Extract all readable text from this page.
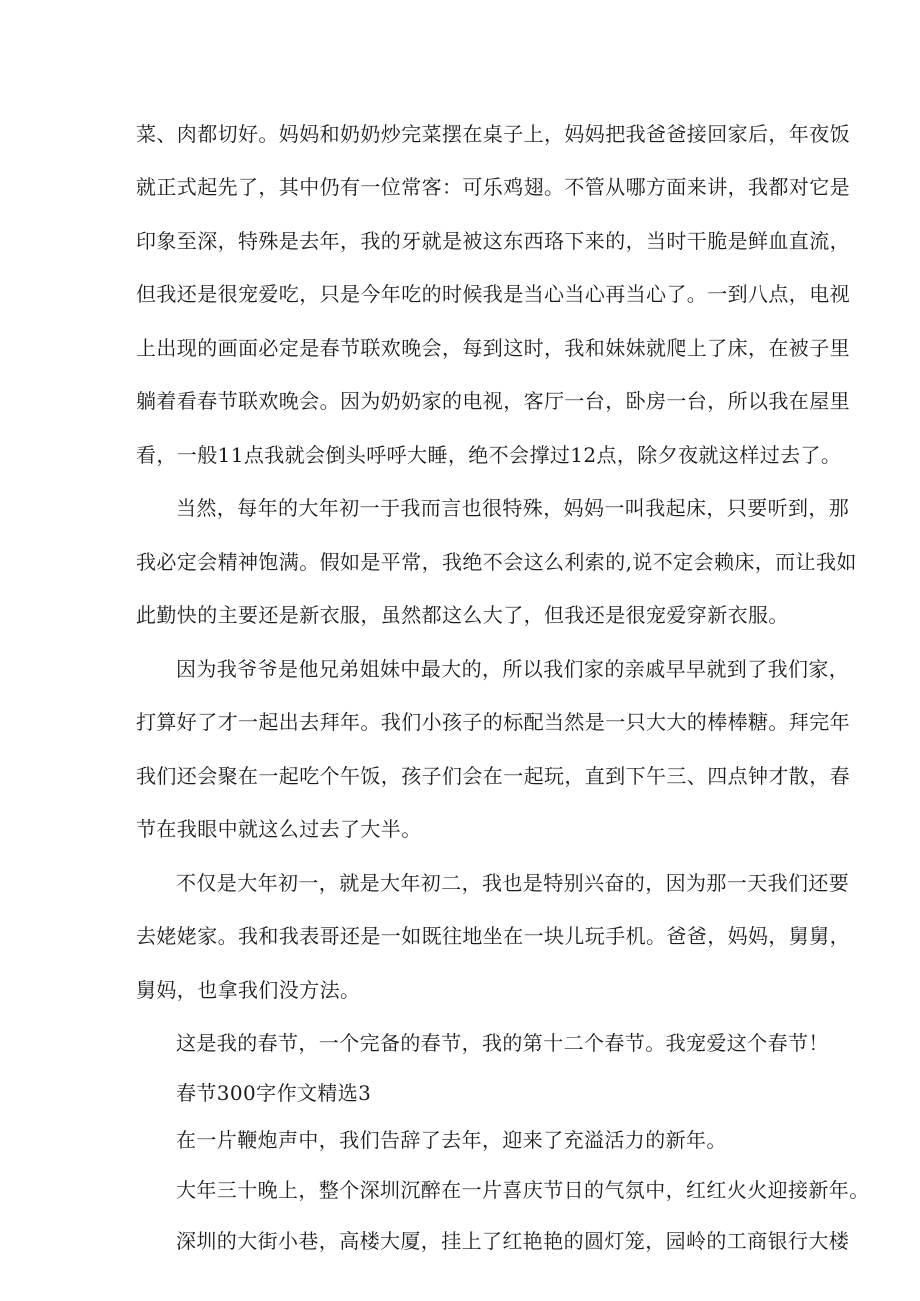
菜、肉都切好。妈妈和奶奶炒完菜摆在桌子上，妈妈把我爸爸接回家后，年夜饭

就正式起先了，其中仍有一位常客：可乐鸡翅。不管从哪方面来讲，我都对它是

印象至深，特殊是去年，我的牙就是被这东西珞下来的，当时干脆是鲜血直流，

但我还是很宠爱吃，只是今年吃的时候我是当心当心再当心了。一到八点，电视

上出现的画面必定是春节联欢晚会，每到这时，我和妹妹就爬上了床，在被子里

躺着看春节联欢晚会。因为奶奶家的电视，客厅一台，卧房一台，所以我在屋里

看，一般11点我就会倒头呼呼大睡，绝不会撑过12点，除夕夜就这样过去了。

当然，每年的大年初一于我而言也很特殊，妈妈一叫我起床，只要听到，那

我必定会精神饱满。假如是平常，我绝不会这么利索的,说不定会赖床，而让我如

此勤快的主要还是新衣服，虽然都这么大了，但我还是很宠爱穿新衣服。

因为我爷爷是他兄弟姐妹中最大的，所以我们家的亲戚早早就到了我们家，

打算好了才一起出去拜年。我们小孩子的标配当然是一只大大的棒棒糖。拜完年

我们还会聚在一起吃个午饭，孩子们会在一起玩，直到下午三、四点钟才散，春

节在我眼中就这么过去了大半。

不仅是大年初一，就是大年初二，我也是特别兴奋的，因为那一天我们还要

去姥姥家。我和我表哥还是一如既往地坐在一块儿玩手机。爸爸，妈妈，舅舅，

舅妈，也拿我们没方法。

这是我的春节，一个完备的春节，我的第十二个春节。我宠爱这个春节！

春节300字作文精选3

在一片鞭炮声中，我们告辞了去年，迎来了充溢活力的新年。

大年三十晚上，整个深圳沉醉在一片喜庆节日的气氛中，红红火火迎接新年。

深圳的大街小巷，高楼大厦，挂上了红艳艳的圆灯笼，园岭的工商银行大楼
